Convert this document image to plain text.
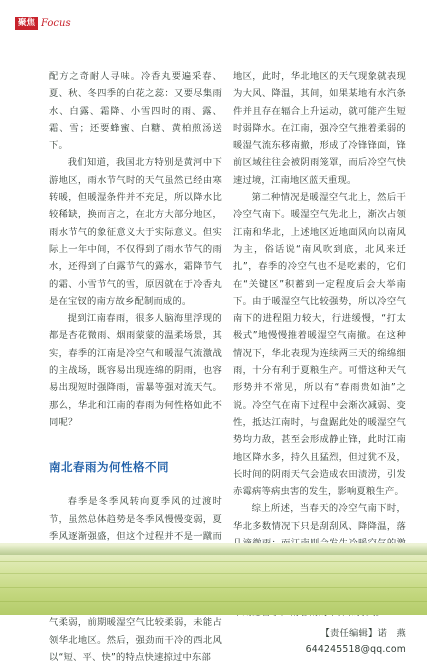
聚焦 Focus

配方之奇耐人寻味。冷香丸要遍采春、夏、秋、冬四季的白花之蕊：又要尽集雨水、白露、霜降、小雪四时的雨、露、霜、雪；还要蜂蜜、白糖、黄柏煎汤送下。

我们知道，我国北方特别是黄河中下游地区，雨水节气时的天气虽然已经由寒转暖，但暖湿条件并不充足，所以降水比较稀缺，换而言之，在北方大部分地区，雨水节气的象征意义大于实际意义。但实际上一年中间，不仅得到了雨水节气的雨水，还得到了白露节气的露水，霜降节气的霜、小雪节气的雪，原因就在于冷香丸是在宝钗的南方故乡配制而成的。

提到江南春雨，很多人脑海里浮现的都是杏花微雨、烟雨蒙蒙的温柔场景，其实，春季的江南是冷空气和暖湿气流激战的主战场，既容易出现连绵的阴雨，也容易出现短时强降雨，雷暴等强对流天气。那么，华北和江南的春雨为何性格如此不同呢？

南北春雨为何性格不同

春季是冬季风转向夏季风的过渡时节，虽然总体趋势是冬季风慢慢变弱，夏季风逐渐强盛，但这个过程并不是一蹴而

气柔弱，前期暖湿空气比较柔弱，未能占领华北地区。然后，强劲而干冷的西北风以“短、平、快”的特点快速掠过中东部

地区，此时，华北地区的天气现象就表现为大风、降温，其间，如果某地有水汽条件并且存在辐合上升运动，就可能产生短时弱降水。在江南，强冷空气推着柔弱的暖湿气流东移南撤，形成了冷锋锋面，锋前区域往往会被阴雨笼罩，而后冷空气快速过境，江南地区蓝天重现。

第二种情况是暖湿空气北上，然后干冷空气南下。暖湿空气先北上，渐次占领江南和华北，上述地区近地面风向以南风为主，俗话说“南风吹到底，北风来迁扎”，春季的冷空气也不是吃素的，它们在“关键区”积蓄到一定程度后会大举南下。由于暖湿空气比较强势，所以冷空气南下的进程阻力较大，行进缓慢，“打太极式”地慢慢推着暖湿空气南撤。在这种情况下，华北表现为连续两三天的绵绵细雨，十分有利于夏粮生产。可惜这种天气形势并不常见，所以有“春雨贵如油”之说。冷空气在南下过程中会渐次减弱、变性，抵达江南时，与盘踞此处的暖湿空气势均力敌，甚至会形成静止锋，此时江南地区降水多，持久且猛烈，但过犹不及，长时间的阴雨天气会造成农田渍涝，引发赤霉病等病虫害的发生，影响夏粮生产。

综上所述，当春天的冷空气南下时，华北多数情况下只是刮刮风、降降温，落

【责任编辑】诺　燕
644245518@qq.com
